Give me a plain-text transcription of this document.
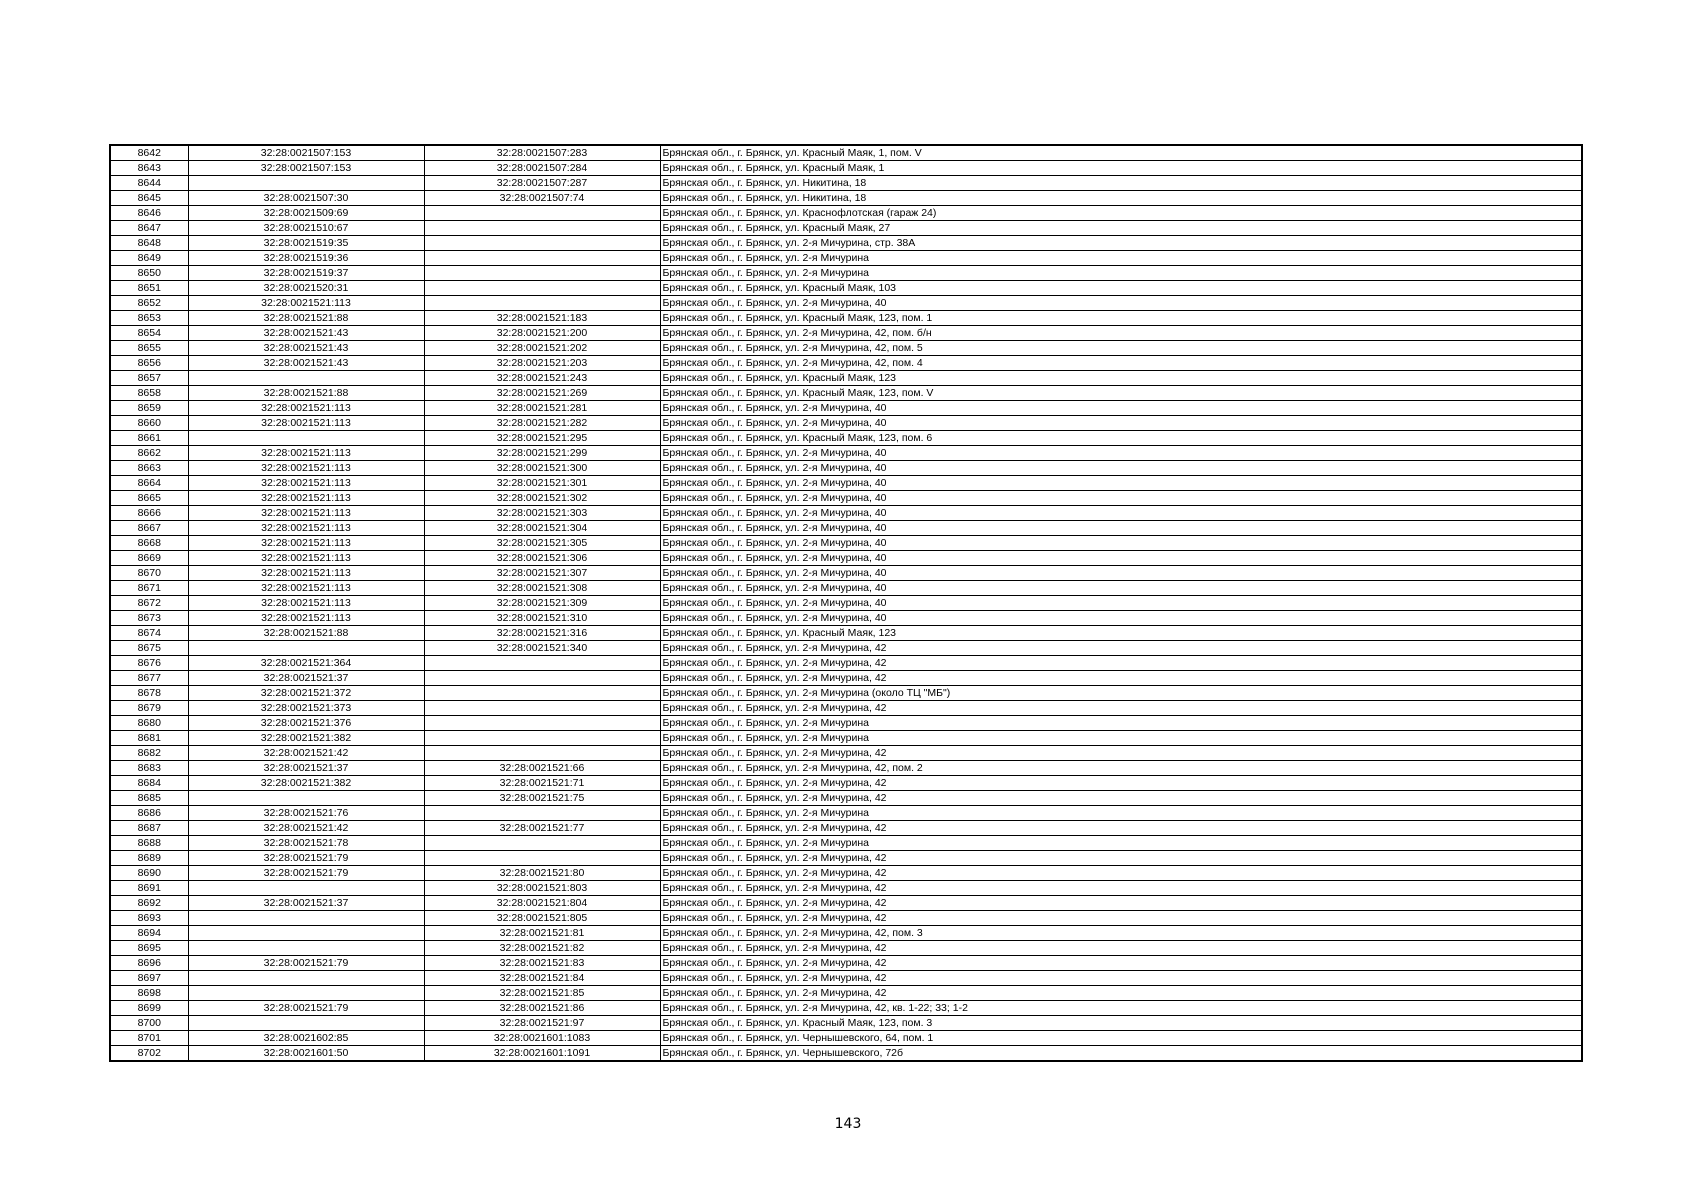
8642	32:28:0021507:153	32:28:0021507:283	Брянская обл., г. Брянск, ул. Красный Маяк, 1, пом. V
8643	32:28:0021507:153	32:28:0021507:284	Брянская обл., г. Брянск, ул. Красный Маяк, 1
8644		32:28:0021507:287	Брянская обл., г. Брянск, ул. Никитина, 18
8645	32:28:0021507:30	32:28:0021507:74	Брянская обл., г. Брянск, ул. Никитина, 18
8646	32:28:0021509:69		Брянская обл., г. Брянск, ул. Краснофлотская (гараж 24)
8647	32:28:0021510:67		Брянская обл., г. Брянск, ул. Красный Маяк, 27
8648	32:28:0021519:35		Брянская обл., г. Брянск, ул. 2-я Мичурина, стр. 38А
8649	32:28:0021519:36		Брянская обл., г. Брянск, ул. 2-я Мичурина
8650	32:28:0021519:37		Брянская обл., г. Брянск, ул. 2-я Мичурина
8651	32:28:0021520:31		Брянская обл., г. Брянск, ул. Красный Маяк, 103
8652	32:28:0021521:113		Брянская обл., г. Брянск, ул. 2-я Мичурина, 40
8653	32:28:0021521:88	32:28:0021521:183	Брянская обл., г. Брянск, ул. Красный Маяк, 123, пом. 1
8654	32:28:0021521:43	32:28:0021521:200	Брянская обл., г. Брянск, ул. 2-я Мичурина, 42, пом. б/н
8655	32:28:0021521:43	32:28:0021521:202	Брянская обл., г. Брянск, ул. 2-я Мичурина, 42, пом. 5
8656	32:28:0021521:43	32:28:0021521:203	Брянская обл., г. Брянск, ул. 2-я Мичурина, 42, пом. 4
8657		32:28:0021521:243	Брянская обл., г. Брянск, ул. Красный Маяк, 123
8658	32:28:0021521:88	32:28:0021521:269	Брянская обл., г. Брянск, ул. Красный Маяк, 123, пом. V
8659	32:28:0021521:113	32:28:0021521:281	Брянская обл., г. Брянск, ул. 2-я Мичурина, 40
8660	32:28:0021521:113	32:28:0021521:282	Брянская обл., г. Брянск, ул. 2-я Мичурина, 40
8661		32:28:0021521:295	Брянская обл., г. Брянск, ул. Красный Маяк, 123, пом. 6
8662	32:28:0021521:113	32:28:0021521:299	Брянская обл., г. Брянск, ул. 2-я Мичурина, 40
8663	32:28:0021521:113	32:28:0021521:300	Брянская обл., г. Брянск, ул. 2-я Мичурина, 40
8664	32:28:0021521:113	32:28:0021521:301	Брянская обл., г. Брянск, ул. 2-я Мичурина, 40
8665	32:28:0021521:113	32:28:0021521:302	Брянская обл., г. Брянск, ул. 2-я Мичурина, 40
8666	32:28:0021521:113	32:28:0021521:303	Брянская обл., г. Брянск, ул. 2-я Мичурина, 40
8667	32:28:0021521:113	32:28:0021521:304	Брянская обл., г. Брянск, ул. 2-я Мичурина, 40
8668	32:28:0021521:113	32:28:0021521:305	Брянская обл., г. Брянск, ул. 2-я Мичурина, 40
8669	32:28:0021521:113	32:28:0021521:306	Брянская обл., г. Брянск, ул. 2-я Мичурина, 40
8670	32:28:0021521:113	32:28:0021521:307	Брянская обл., г. Брянск, ул. 2-я Мичурина, 40
8671	32:28:0021521:113	32:28:0021521:308	Брянская обл., г. Брянск, ул. 2-я Мичурина, 40
8672	32:28:0021521:113	32:28:0021521:309	Брянская обл., г. Брянск, ул. 2-я Мичурина, 40
8673	32:28:0021521:113	32:28:0021521:310	Брянская обл., г. Брянск, ул. 2-я Мичурина, 40
8674	32:28:0021521:88	32:28:0021521:316	Брянская обл., г. Брянск, ул. Красный Маяк, 123
8675		32:28:0021521:340	Брянская обл., г. Брянск, ул. 2-я Мичурина, 42
8676	32:28:0021521:364		Брянская обл., г. Брянск, ул. 2-я Мичурина, 42
8677	32:28:0021521:37		Брянская обл., г. Брянск, ул. 2-я Мичурина, 42
8678	32:28:0021521:372		Брянская обл., г. Брянск, ул. 2-я Мичурина (около ТЦ "МБ")
8679	32:28:0021521:373		Брянская обл., г. Брянск, ул. 2-я Мичурина, 42
8680	32:28:0021521:376		Брянская обл., г. Брянск, ул. 2-я Мичурина
8681	32:28:0021521:382		Брянская обл., г. Брянск, ул. 2-я Мичурина
8682	32:28:0021521:42		Брянская обл., г. Брянск, ул. 2-я Мичурина, 42
8683	32:28:0021521:37	32:28:0021521:66	Брянская обл., г. Брянск, ул. 2-я Мичурина, 42, пом. 2
8684	32:28:0021521:382	32:28:0021521:71	Брянская обл., г. Брянск, ул. 2-я Мичурина, 42
8685		32:28:0021521:75	Брянская обл., г. Брянск, ул. 2-я Мичурина, 42
8686	32:28:0021521:76		Брянская обл., г. Брянск, ул. 2-я Мичурина
8687	32:28:0021521:42	32:28:0021521:77	Брянская обл., г. Брянск, ул. 2-я Мичурина, 42
8688	32:28:0021521:78		Брянская обл., г. Брянск, ул. 2-я Мичурина
8689	32:28:0021521:79		Брянская обл., г. Брянск, ул. 2-я Мичурина, 42
8690	32:28:0021521:79	32:28:0021521:80	Брянская обл., г. Брянск, ул. 2-я Мичурина, 42
8691		32:28:0021521:803	Брянская обл., г. Брянск, ул. 2-я Мичурина, 42
8692	32:28:0021521:37	32:28:0021521:804	Брянская обл., г. Брянск, ул. 2-я Мичурина, 42
8693		32:28:0021521:805	Брянская обл., г. Брянск, ул. 2-я Мичурина, 42
8694		32:28:0021521:81	Брянская обл., г. Брянск, ул. 2-я Мичурина, 42, пом. 3
8695		32:28:0021521:82	Брянская обл., г. Брянск, ул. 2-я Мичурина, 42
8696	32:28:0021521:79	32:28:0021521:83	Брянская обл., г. Брянск, ул. 2-я Мичурина, 42
8697		32:28:0021521:84	Брянская обл., г. Брянск, ул. 2-я Мичурина, 42
8698		32:28:0021521:85	Брянская обл., г. Брянск, ул. 2-я Мичурина, 42
8699	32:28:0021521:79	32:28:0021521:86	Брянская обл., г. Брянск, ул. 2-я Мичурина, 42, кв. 1-22; 33; 1-2
8700		32:28:0021521:97	Брянская обл., г. Брянск, ул. Красный Маяк, 123, пом. 3
8701	32:28:0021602:85	32:28:0021601:1083	Брянская обл., г. Брянск, ул. Чернышевского, 64, пом. 1
8702	32:28:0021601:50	32:28:0021601:1091	Брянская обл., г. Брянск, ул. Чернышевского, 72б
143
